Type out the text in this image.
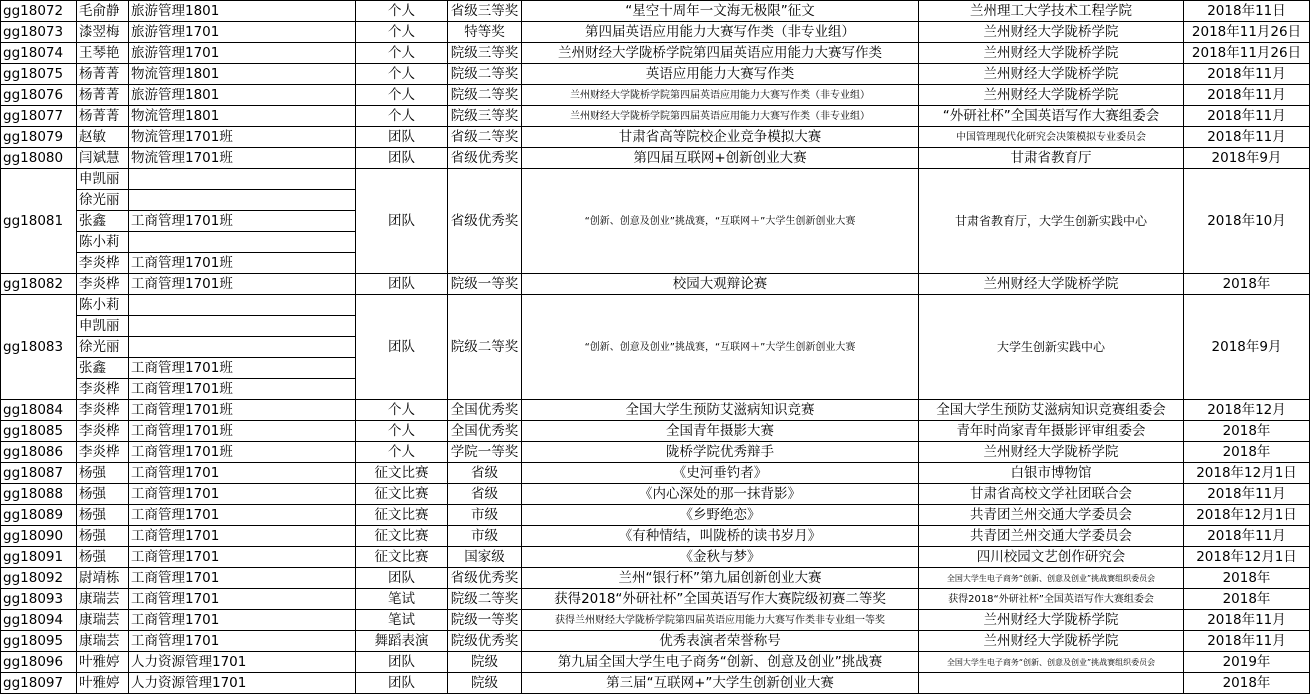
gg18072	毛俞静	旅游管理1801	个人	省级三等奖	“星空十周年一文海无极限”征文	兰州理工大学技术工程学院	2018年11日
gg18073	漆翌梅	旅游管理1701	个人	特等奖	第四届英语应用能力大赛写作类（非专业组）	兰州财经大学陇桥学院	2018年11月26日
gg18074	王琴艳	旅游管理1701	个人	院级三等奖	兰州财经大学陇桥学院第四届英语应用能力大赛写作类	兰州财经大学陇桥学院	2018年11月26日
gg18075	杨菁菁	物流管理1801	个人	院级二等奖	英语应用能力大赛写作类	兰州财经大学陇桥学院	2018年11月
gg18076	杨菁菁	旅游管理1801	个人	院级二等奖	兰州财经大学陇桥学院第四届英语应用能力大赛写作类（非专业组）	兰州财经大学陇桥学院	2018年11月
gg18077	杨菁菁	物流管理1801	个人	院级三等奖	兰州财经大学陇桥学院第四届英语应用能力大赛写作类（非专业组）	“外研社杯”全国英语写作大赛组委会	2018年11月
gg18079	赵敏	物流管理1701班	团队	省级二等奖	甘肃省高等院校企业竞争模拟大赛	中国管理现代化研究会决策模拟专业委员会	2018年11月
gg18080	闫斌慧	物流管理1701班	团队	省级优秀奖	第四届互联网+创新创业大赛	甘肃省教育厅	2018年9月
gg18081	申凯丽		团队	省级优秀奖	“创新、创意及创业”挑战赛，“互联网＋”大学生创新创业大赛	甘肃省教育厅，大学生创新实践中心	2018年10月
	徐光丽						
	张鑫	工商管理1701班					
	陈小莉						
	李炎桦	工商管理1701班					
gg18082	李炎桦	工商管理1701班	团队	院级一等奖	校园大观辩论赛	兰州财经大学陇桥学院	2018年
gg18083	陈小莉		团队	院级二等奖	“创新、创意及创业”挑战赛，“互联网＋”大学生创新创业大赛	大学生创新实践中心	2018年9月
	申凯丽						
	徐光丽						
	张鑫	工商管理1701班					
	李炎桦	工商管理1701班					
gg18084	李炎桦	工商管理1701班	个人	全国优秀奖	全国大学生预防艾滋病知识竞赛	全国大学生预防艾滋病知识竞赛组委会	2018年12月
gg18085	李炎桦	工商管理1701班	个人	全国优秀奖	全国青年摄影大赛	青年时尚家青年摄影评审组委会	2018年
gg18086	李炎桦	工商管理1701班	个人	学院一等奖	陇桥学院优秀辩手	兰州财经大学陇桥学院	2018年
gg18087	杨强	工商管理1701	征文比赛	省级	《史河垂钓者》	白银市博物馆	2018年12月1日
gg18088	杨强	工商管理1701	征文比赛	省级	《内心深处的那一抹背影》	甘肃省高校文学社团联合会	2018年11月
gg18089	杨强	工商管理1701	征文比赛	市级	《乡野绝恋》	共青团兰州交通大学委员会	2018年12月1日
gg18090	杨强	工商管理1701	征文比赛	市级	《有种情结，叫陇桥的读书岁月》	共青团兰州交通大学委员会	2018年11月
gg18091	杨强	工商管理1701	征文比赛	国家级	《金秋与梦》	四川校园文艺创作研究会	2018年12月1日
gg18092	尉靖栋	工商管理1701	团队	省级优秀奖	兰州“银行杯”第九届创新创业大赛	全国大学生电子商务“创新、创意及创业”挑战赛组织委员会	2018年
gg18093	康瑞芸	工商管理1701	笔试	院级二等奖	获得2018“外研社杯”全国英语写作大赛院级初赛二等奖	获得2018“外研社杯”全国英语写作大赛组委会	2018年
gg18094	康瑞芸	工商管理1701	笔试	院级一等奖	获得兰州财经大学陇桥学院第四届英语应用能力大赛写作类非专业组一等奖	兰州财经大学陇桥学院	2018年11月
gg18095	康瑞芸	工商管理1701	舞蹈表演	院级优秀奖	优秀表演者荣誉称号	兰州财经大学陇桥学院	2018年11月
gg18096	叶雅婷	人力资源管理1701	团队	院级	第九届全国大学生电子商务“创新、创意及创业”挑战赛	全国大学生电子商务“创新、创意及创业”挑战赛组织委员会	2019年
gg18097	叶雅婷	人力资源管理1701	团队	院级	第三届“互联网+”大学生创新创业大赛		2018年
